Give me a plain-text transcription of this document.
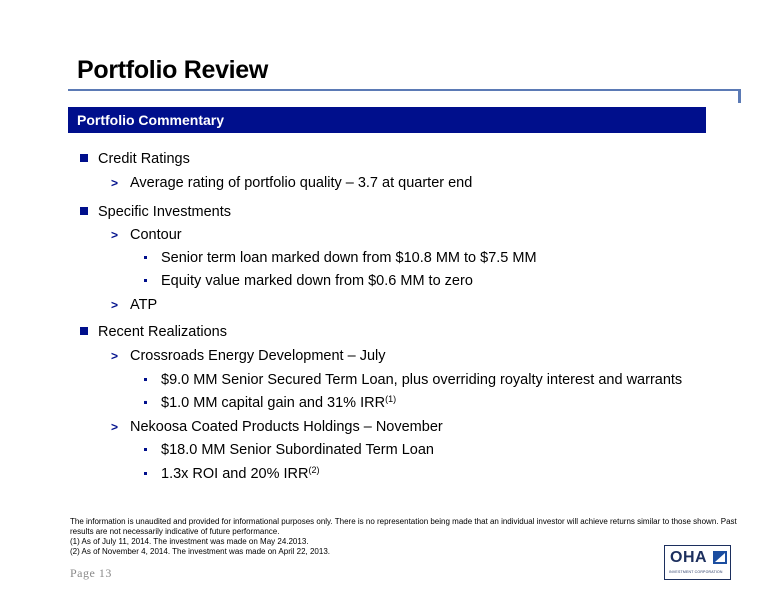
Portfolio Review
Portfolio Commentary
Credit Ratings
> Average rating of portfolio quality – 3.7 at quarter end
Specific Investments
> Contour
Senior term loan marked down from $10.8 MM to $7.5 MM
Equity value marked down from $0.6 MM to zero
> ATP
Recent Realizations
> Crossroads Energy Development – July
$9.0 MM Senior Secured Term Loan, plus overriding royalty interest and warrants
$1.0 MM capital gain and 31% $IRR^{(1)}$
> Nekoosa Coated Products Holdings – November
$18.0 MM Senior Subordinated Term Loan
1.3x ROI and 20% IRR$^{(2)}$
The information is unaudited and provided for informational purposes only. There is no representation being made that an individual investor will achieve returns similar to those shown. Past results are not necessarily indicative of future performance.
(1) As of July 11, 2014. The investment was made on May 24.2013.
(2) As of November 4, 2014. The investment was made on April 22, 2013.
Page 13
OHA
INVESTMENT CORPORATION
